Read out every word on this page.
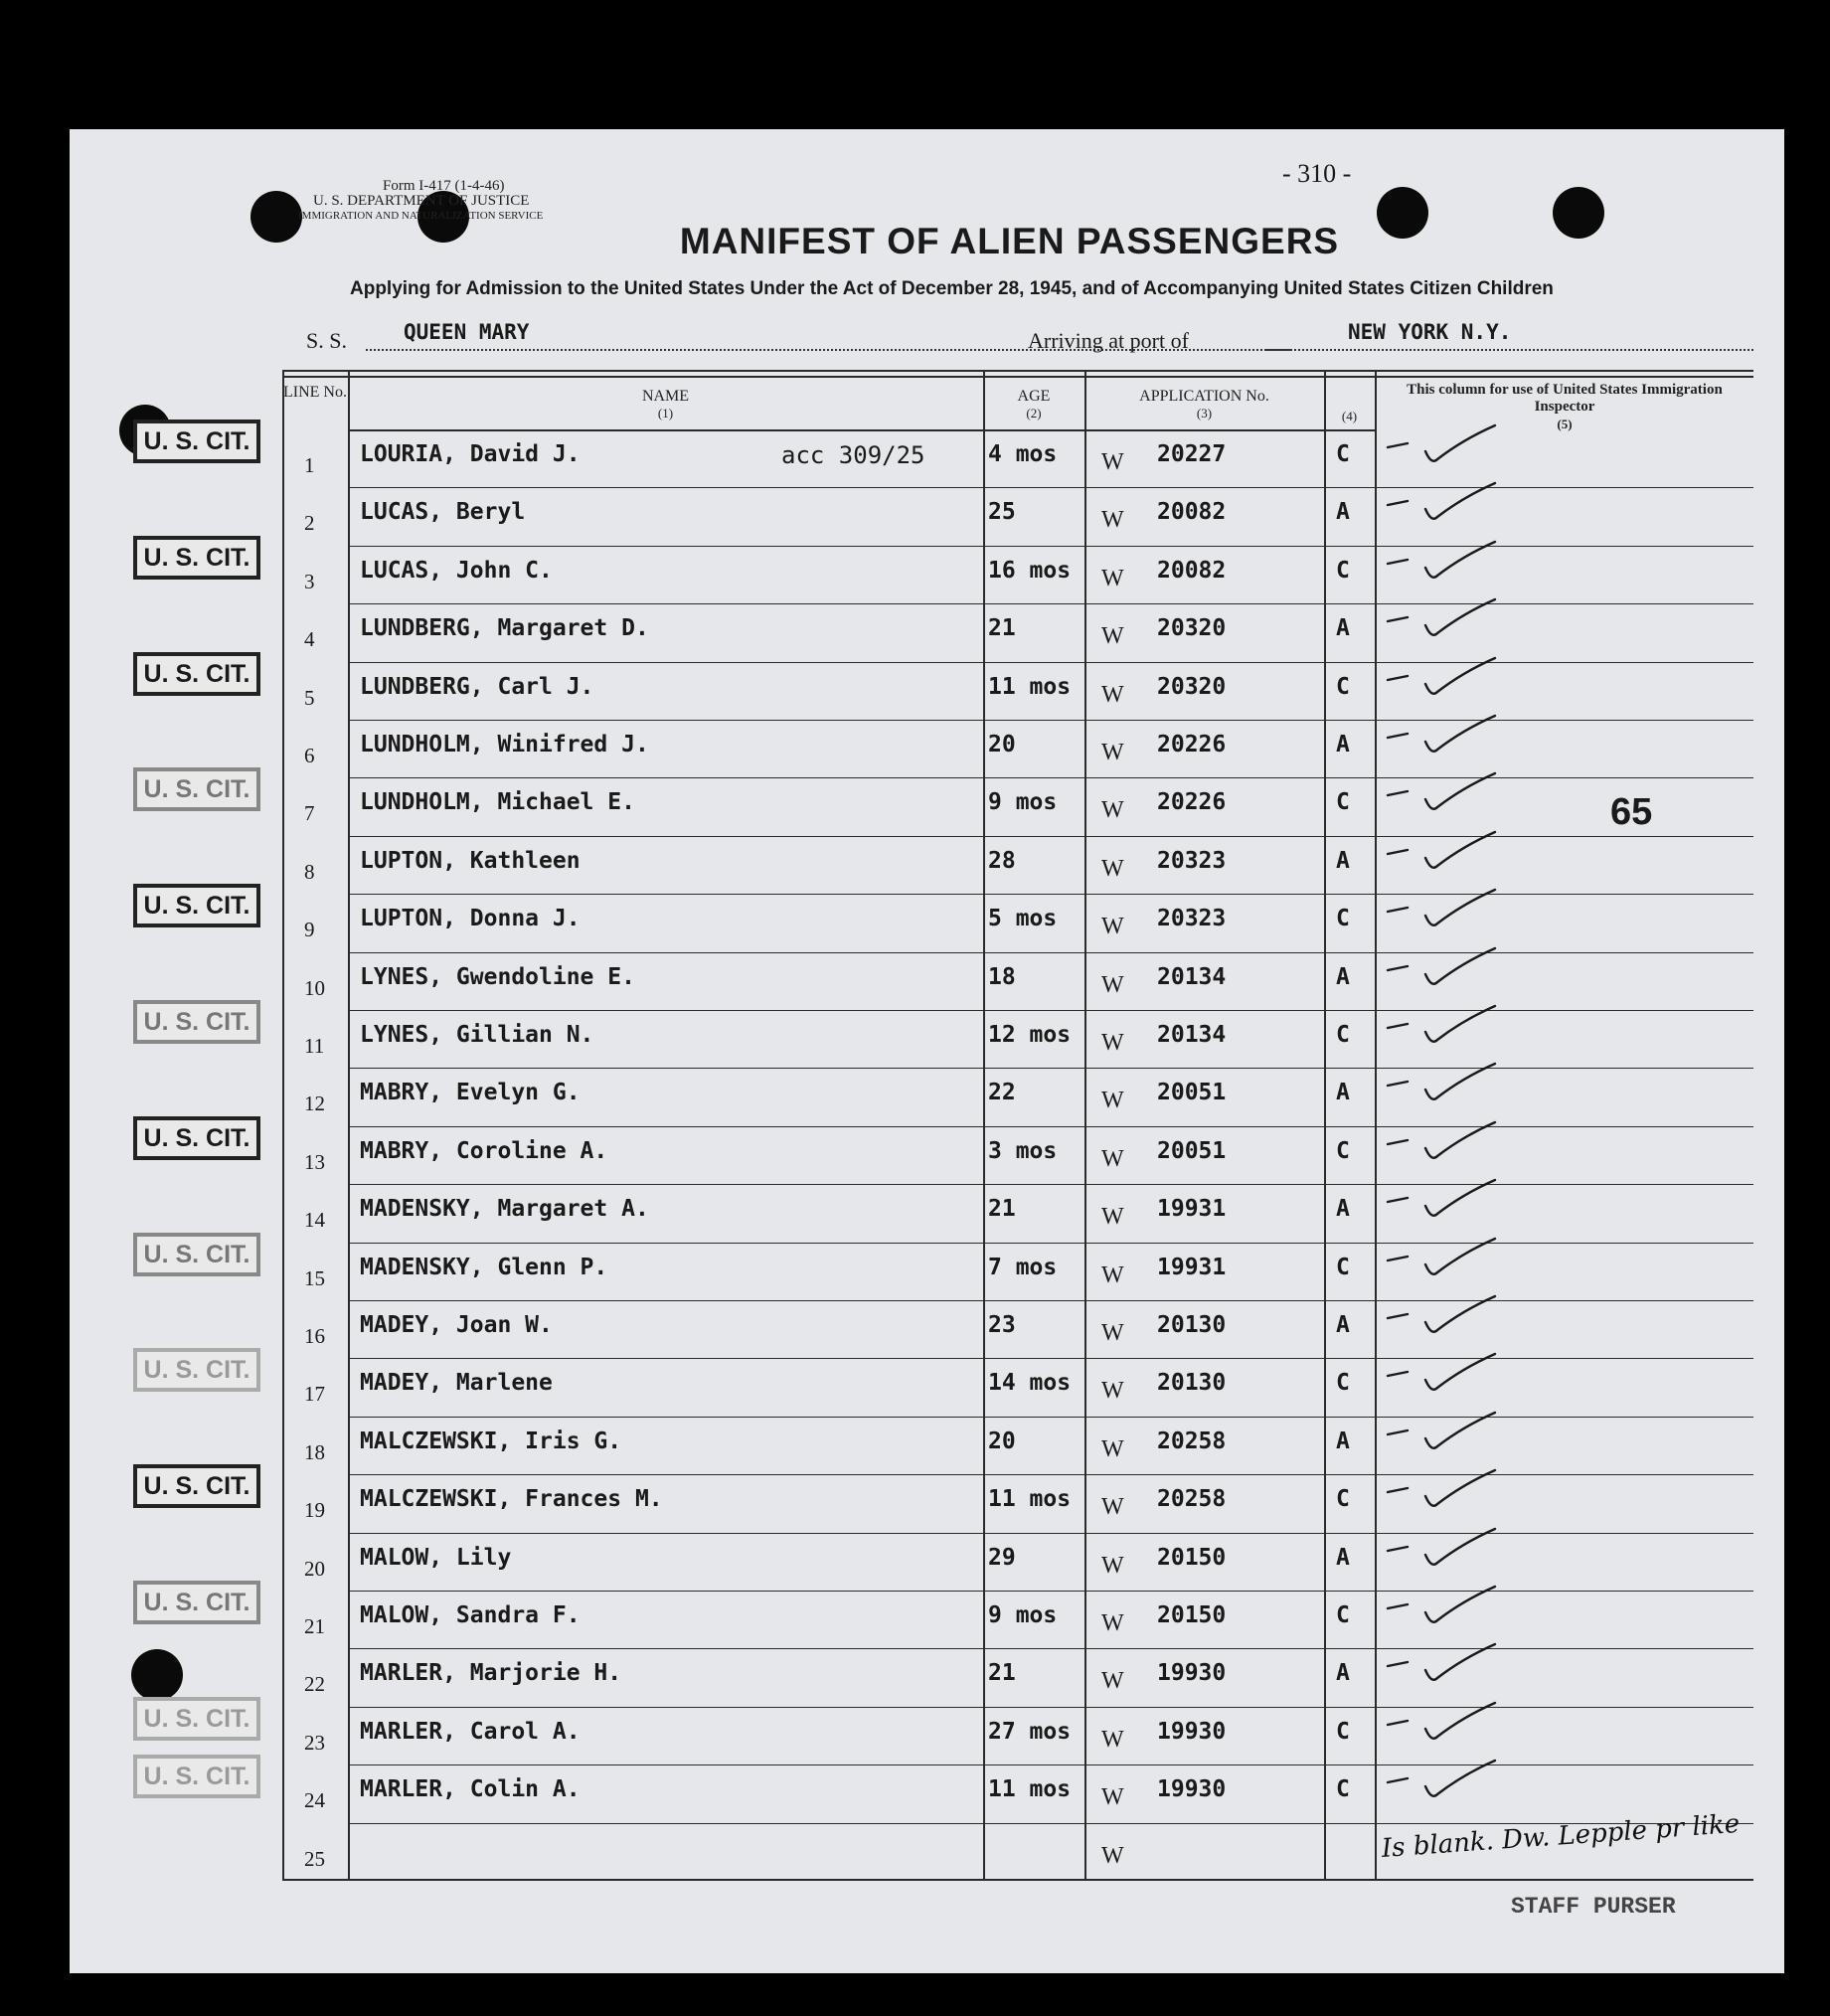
Form I-417 (1-4-46)
U. S. DEPARTMENT OF JUSTICE
IMMIGRATION AND NATURALIZATION SERVICE
- 310 -
MANIFEST OF ALIEN PASSENGERS
Applying for Admission to the United States Under the Act of December 28, 1945, and of Accompanying United States Citizen Children
S. S.	QUEEN MARY	Arriving at port of	NEW YORK N.Y.
LINE No.	NAME
(1)
AGE
(2)
APPLICATION No.
(3)	(4)
This column for use of United States Immigration Inspector
(5)
1 LOURIA, David J.	acc 309/25	4 mos W 20227	C
U. S. CIT.
2 LUCAS, Beryl	25	W 20082	A
3 LUCAS, John C.	16 mos W 20082	C
U. S. CIT.
4 LUNDBERG, Margaret D.	21	W 20320	A
5 LUNDBERG, Carl J.	11 mos W 20320	C
U. S. CIT.
6 LUNDHOLM, Winifred J.	20	W 20226	A
7 LUNDHOLM, Michael E.	9 mos W 20226	C
U. S. CIT.
8 LUPTON, Kathleen	28	W 20323	A
9 LUPTON, Donna J.	5 mos W 20323	C
U. S. CIT.
10 LYNES, Gwendoline E.	18	W 20134	A
11 LYNES, Gillian N.	12 mos W 20134	C
U. S. CIT.
12 MABRY, Evelyn G.	22	W 20051	A
13 MABRY, Coroline A.	3 mos W 20051	C
U. S. CIT.
14 MADENSKY, Margaret A.	21	W 19931	A
15 MADENSKY, Glenn P.	7 mos W 19931	C
U. S. CIT.
16 MADEY, Joan W.	23	W 20130	A
17 MADEY, Marlene	14 mos W 20130	C
U. S. CIT.
18 MALCZEWSKI, Iris G.	20	W 20258	A
19 MALCZEWSKI, Frances M.	11 mos W 20258	C
U. S. CIT.
20 MALOW, Lily	29	W 20150	A
21 MALOW, Sandra F.	9 mos W 20150	C
U. S. CIT.
22 MARLER, Marjorie H.	21	W 19930	A
23 MARLER, Carol A.	27 mos W 19930	C
U. S. CIT.
24 MARLER, Colin A.	11 mos W 19930	C
U. S. CIT.
25	W
65
Is blank. Dw. Lepple pr like
STAFF PURSER
